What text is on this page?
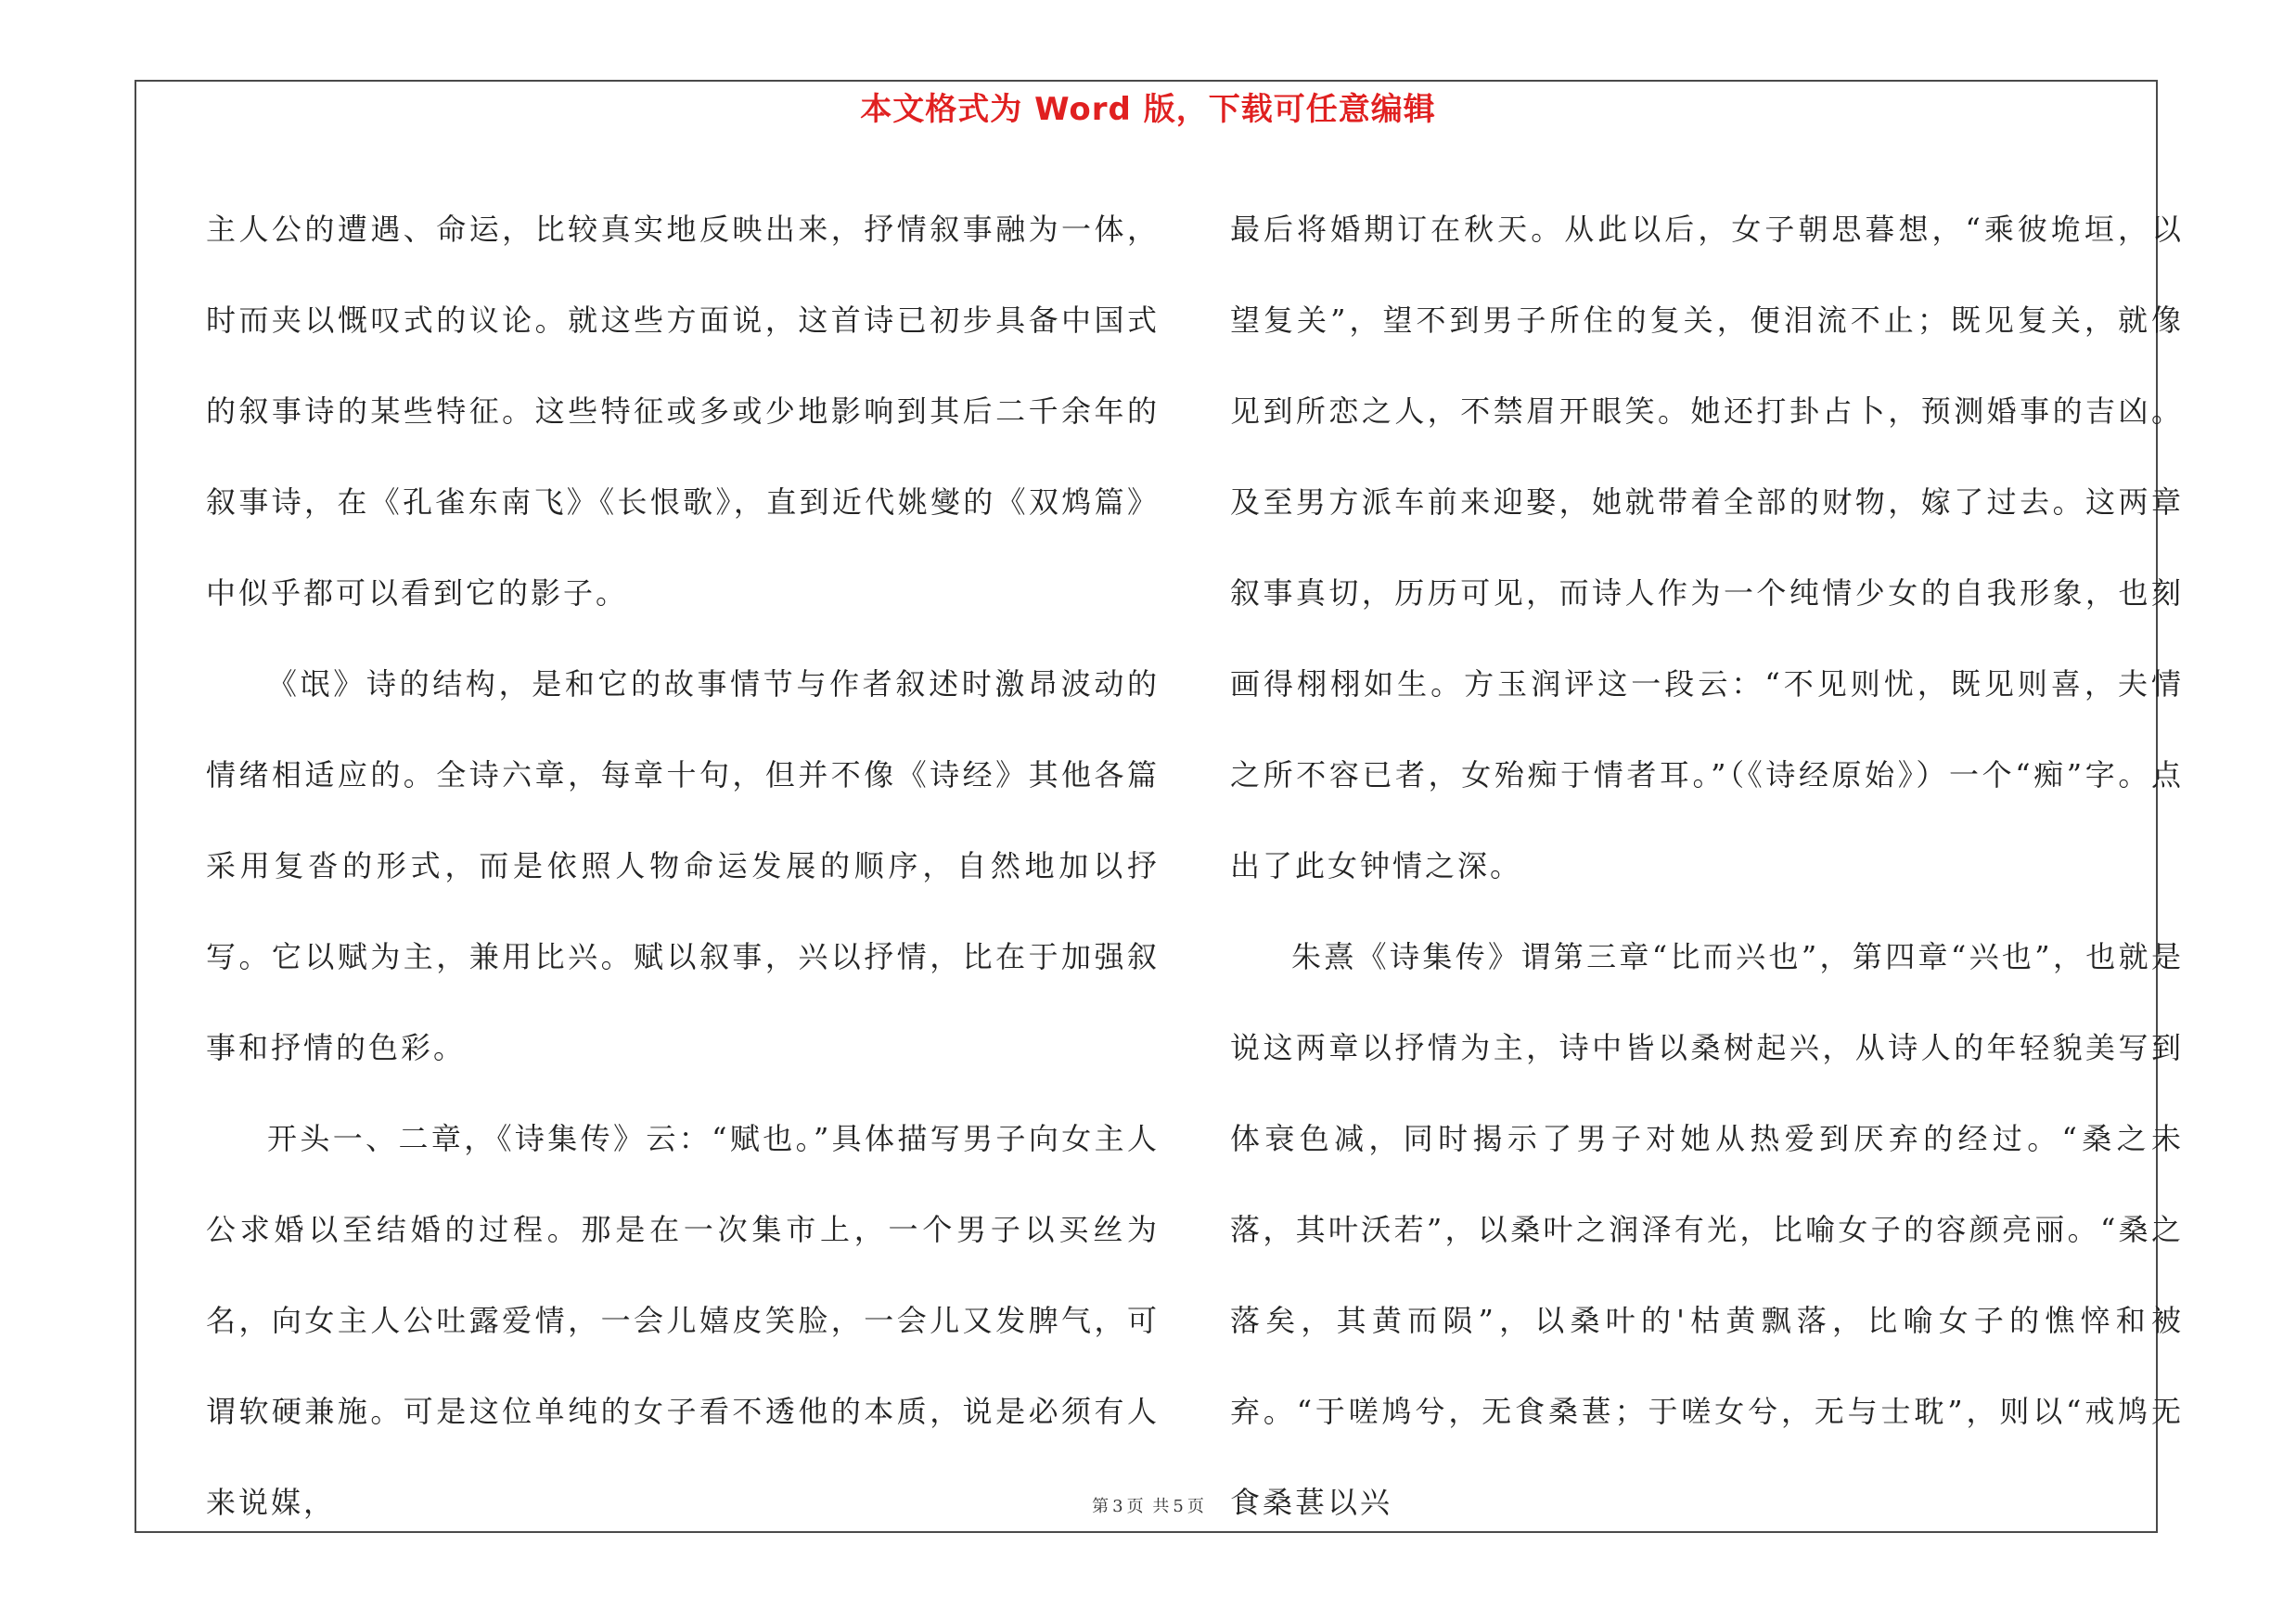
本文格式为 Word 版，下载可任意编辑

主人公的遭遇、命运，比较真实地反映出来，抒情叙事融为一体，时而夹以慨叹式的议论。就这些方面说，这首诗已初步具备中国式的叙事诗的某些特征。这些特征或多或少地影响到其后二千余年的叙事诗，在《孔雀东南飞》《长恨歌》，直到近代姚燮的《双鸩篇》中似乎都可以看到它的影子。

《氓》诗的结构，是和它的故事情节与作者叙述时激昂波动的情绪相适应的。全诗六章，每章十句，但并不像《诗经》其他各篇采用复沓的形式，而是依照人物命运发展的顺序，自然地加以抒写。它以赋为主，兼用比兴。赋以叙事，兴以抒情，比在于加强叙事和抒情的色彩。

开头一、二章，《诗集传》云：“赋也。”具体描写男子向女主人公求婚以至结婚的过程。那是在一次集市上，一个男子以买丝为名，向女主人公吐露爱情，一会儿嬉皮笑脸，一会儿又发脾气，可谓软硬兼施。可是这位单纯的女子看不透他的本质，说是必须有人来说媒，

最后将婚期订在秋天。从此以后，女子朝思暮想，“乘彼垝垣，以望复关”，望不到男子所住的复关，便泪流不止；既见复关，就像见到所恋之人，不禁眉开眼笑。她还打卦占卜，预测婚事的吉凶。及至男方派车前来迎娶，她就带着全部的财物，嫁了过去。这两章叙事真切，历历可见，而诗人作为一个纯情少女的自我形象，也刻画得栩栩如生。方玉润评这一段云：“不见则忧，既见则喜，夫情之所不容已者，女殆痴于情者耳。”（《诗经原始》）一个“痴”字。点出了此女钟情之深。

朱熹《诗集传》谓第三章“比而兴也”，第四章“兴也”，也就是说这两章以抒情为主，诗中皆以桑树起兴，从诗人的年轻貌美写到体衰色减，同时揭示了男子对她从热爱到厌弃的经过。“桑之未落，其叶沃若”，以桑叶之润泽有光，比喻女子的容颜亮丽。“桑之落矣，其黄而陨”，以桑叶的'枯黄飘落，比喻女子的憔悴和被弃。“于嗟鸠兮，无食桑葚；于嗟女兮，无与士耽”，则以“戒鸠无食桑葚以兴

第 3 页 共 5 页
